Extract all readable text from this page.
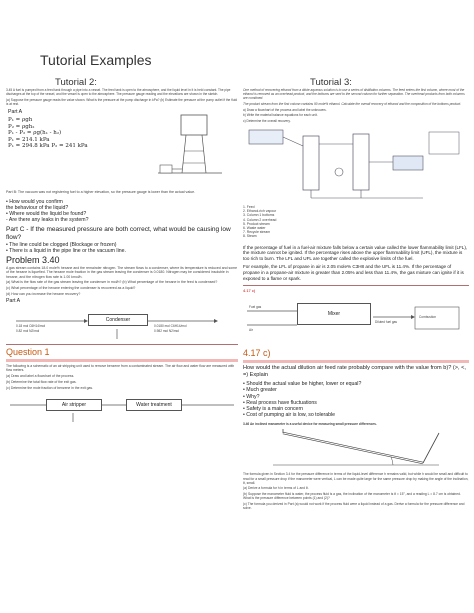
Tutorial Examples
Tutorial 2:	Tutorial 3:

3.45 A fuel is pumped from a feed tank through a pipe into a vessel. The feed tank is open to the atmosphere, and the liquid level in it is held constant. The pipe discharges at the top of the vessel, and the vessel is open to the atmosphere. The pressure gauge reading and the elevations are shown in the sketch.

(a) Suppose the pressure gauge reads the value shown. What is the pressure at the pump discharge in kPa? (b) Estimate the pressure at the pump outlet if the fluid is at rest.

Part A
P₁ = ρgh
P₂ = ρgh₂
P₁ - P₂ = ρg(h₁ - h₂)
P₁ = 214.1 kPa
P₁ = 294.8 kPa P₂ = 241 kPa
Part B: The vacuum was not registering fuel to a higher elevation, so the pressure gauge is lower than the actual value.
• How would you confirm
the behaviour of the liquid?
• Where would the liquid be found?
- Are there any leaks in the system?
Part C - If the measured pressure are both correct, what would be causing low flow?
• The line could be clogged (Blockage or frozen)
• There is a liquid in the pipe line or the vacuum line.
Problem 3.40

A gas stream contains 18.0 mole% hexane and the remainder nitrogen. The stream flows to a condenser, where its temperature is reduced and some of the hexane is liquefied. The hexane mole fraction in the gas stream leaving the condenser is 0.0180. Nitrogen may be considered insoluble in hexane, and the nitrogen flow rate is 1.00 kmol/h.

(a) What is the flow rate of the gas stream leaving the condenser in mol/h? (b) What percentage of the hexane in the feed is condensed?

(c) What percentage of the hexane entering the condenser is recovered as a liquid?

(d) How can you increase the hexane recovery?

Part A
Condenser
0.18 mol C6H14/mol
0.82 mol N2/mol
0.0180 mol C6H14/mol
0.982 mol N2/mol
Question 1

The following is a schematic of an air stripping unit used to remove benzene from a contaminated stream. The air flow and water flow are measured with flow meters.

(a) Draw and label a flowchart of the process.

(b) Determine the total flow rate of the exit gas.

(c) Determine the mole fraction of benzene in the exit gas.

Air stripper	Water treatment

One method of recovering ethanol from a dilute aqueous solution is to use a series of distillation columns. The feed enters the first column, where most of the ethanol is removed as an overhead product, and the bottoms are sent to the second column for further separation. The overhead products from both columns are combined.

The product stream from the first column contains 90 mole% ethanol. Calculate the overall recovery of ethanol and the composition of the bottoms product.

a) Draw a flowchart of the process and label the unknowns.

b) Write the material balance equations for each unit.

c) Determine the overall recovery.

1. Feed
2. Ethanol-rich vapour
3. Column 1 bottoms
4. Column 2 overhead
5. Product stream
6. Waste water
7. Recycle stream
8. Steam
If the percentage of fuel in a fuel-air mixture falls below a certain value called the lower flammability limit (LFL), the mixture cannot be ignited. If the percentage rises above the upper flammability limit (UFL), the mixture is too rich to burn. The LFL and UFL are together called the explosive limits of the fuel.
For example, the LFL of propane in air is 2.05 mole% C3H8 and the UFL is 11.4%. If the percentage of propane in a propane-air mixture is greater than 2.05% and less than 11.4%, the gas mixture can ignite if it is exposed to a flame or spark.
4.17 c)
Mixer
Fuel gas
Air
Diluted fuel gas
Combustion
4.17 c)
How would the actual dilution air feed rate probably compare with the value from b)? (>, <, =) Explain
• Should the actual value be higher, lower or equal?
• Much greater
• Why?
• Real process have fluctuations
• Safety is a main concern
• Cost of pumping air is low, so tolerable
3.46 An inclined manometer is a useful device for measuring small pressure differences.

The formula given in Section 3.4 for the pressure difference in terms of the liquid-level difference h remains valid, but while h would be small and difficult to read for a small pressure drop if the manometer were vertical, L can be made quite large for the same pressure drop by making the angle of the inclination, θ, small.

(a) Derive a formula for h in terms of L and θ.

(b) Suppose the manometer fluid is water, the process fluid is a gas, the inclination of the manometer is θ = 15°, and a reading L = 8.7 cm is obtained. What is the pressure difference between points (1) and (2)?

(c) The formula you derived in Part (a) would not work if the process fluid were a liquid instead of a gas. Derive a formula for the pressure difference and solve.
